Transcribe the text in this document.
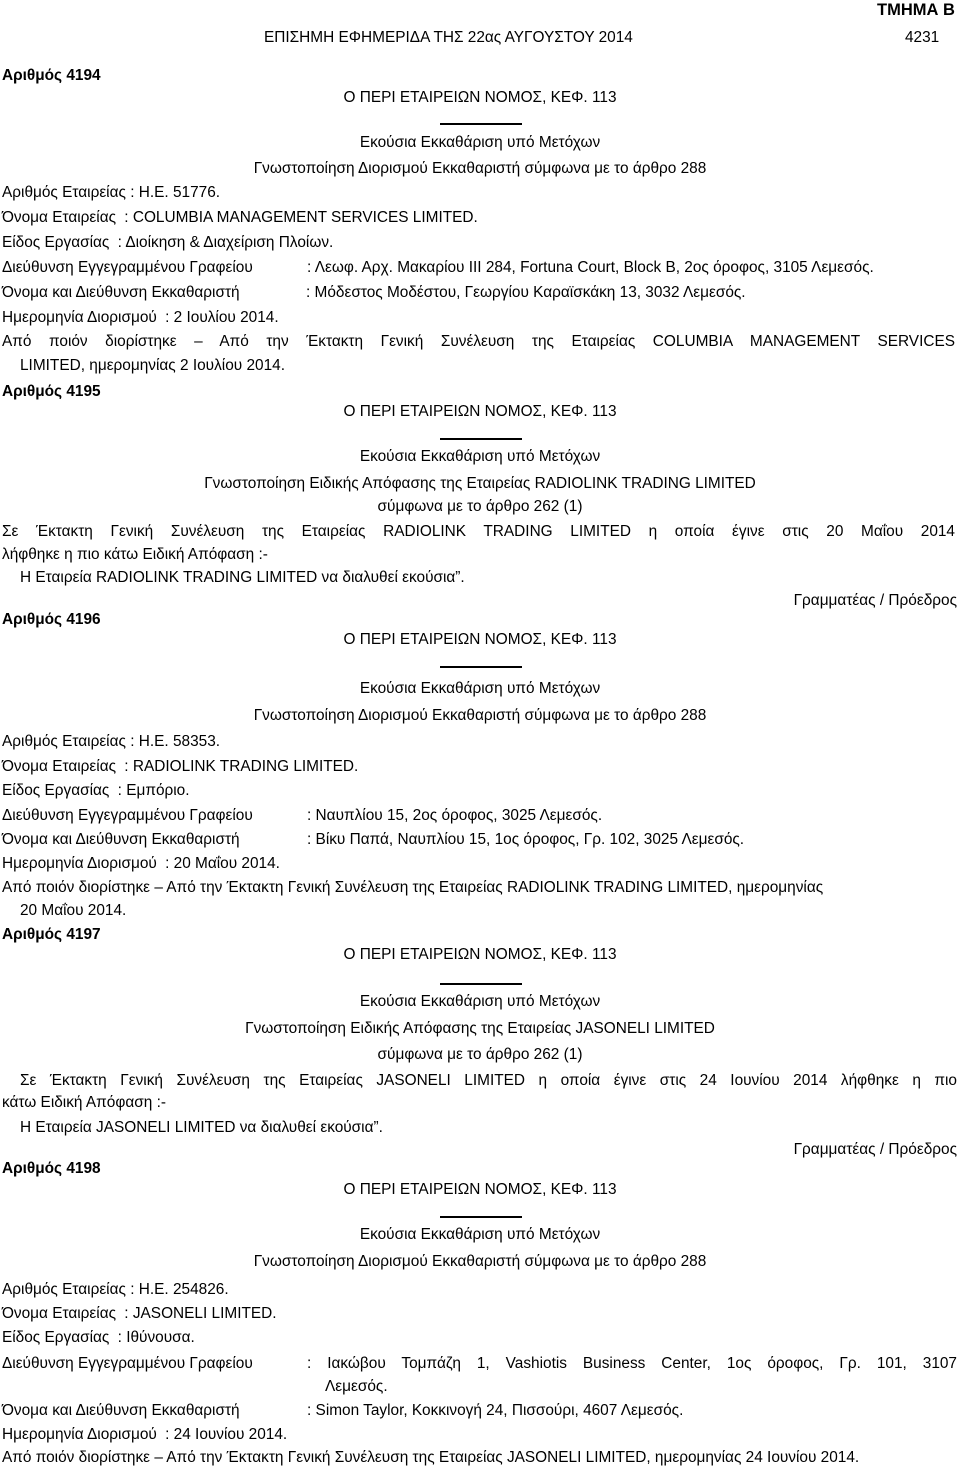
ΤΜΗΜΑ Β
ΕΠΙΣΗΜΗ ΕΦΗΜΕΡΙΔΑ ΤΗΣ 22ας ΑΥΓΟΥΣΤΟΥ 2014	4231
Αριθμός 4194
Ο ΠΕΡΙ ΕΤΑΙΡΕΙΩΝ ΝΟΜΟΣ, ΚΕΦ. 113
Εκούσια Εκκαθάριση υπό Μετόχων
Γνωστοποίηση Διορισμού Εκκαθαριστή σύμφωνα με το άρθρο 288
Αριθμός Εταιρείας : Η.Ε. 51776.
Όνομα Εταιρείας : COLUMBIA MANAGEMENT SERVICES LIMITED.
Είδος Εργασίας : Διοίκηση & Διαχείριση Πλοίων.
Διεύθυνση Εγγεγραμμένου Γραφείου	: Λεωφ. Αρχ. Μακαρίου ΙΙΙ 284, Fortuna Court, Block B, 2ος όροφος, 3105 Λεμεσός.
Όνομα και Διεύθυνση Εκκαθαριστή	: Μόδεστος Μοδέστου, Γεωργίου Καραϊσκάκη 13, 3032 Λεμεσός.
Ημερομηνία Διορισμού : 2 Ιουλίου 2014.
Από ποιόν διορίστηκε – Από την Έκτακτη Γενική Συνέλευση της Εταιρείας COLUMBIA MANAGEMENT SERVICES
LIMITED, ημερομηνίας 2 Ιουλίου 2014.
Αριθμός 4195
Ο ΠΕΡΙ ΕΤΑΙΡΕΙΩΝ ΝΟΜΟΣ, ΚΕΦ. 113
Εκούσια Εκκαθάριση υπό Μετόχων
Γνωστοποίηση Ειδικής Απόφασης της Εταιρείας RADIOLINK TRADING LIMITED
σύμφωνα με το άρθρο 262 (1)
Σε Έκτακτη Γενική Συνέλευση της Εταιρείας RADIOLINK TRADING LIMITED η οποία έγινε στις 20 Μαΐου 2014
λήφθηκε η πιο κάτω Ειδική Απόφαση :-
Η Εταιρεία RADIOLINK TRADING LIMITED να διαλυθεί εκούσια”.
Γραμματέας / Πρόεδρος
Αριθμός 4196
Ο ΠΕΡΙ ΕΤΑΙΡΕΙΩΝ ΝΟΜΟΣ, ΚΕΦ. 113
Εκούσια Εκκαθάριση υπό Μετόχων
Γνωστοποίηση Διορισμού Εκκαθαριστή σύμφωνα με το άρθρο 288
Αριθμός Εταιρείας : Η.Ε. 58353.
Όνομα Εταιρείας : RADIOLINK TRADING LIMITED.
Είδος Εργασίας : Εμπόριο.
Διεύθυνση Εγγεγραμμένου Γραφείου	: Ναυπλίου 15, 2ος όροφος, 3025 Λεμεσός.
Όνομα και Διεύθυνση Εκκαθαριστή	: Βίκυ Παπά, Ναυπλίου 15, 1ος όροφος, Γρ. 102, 3025 Λεμεσός.
Ημερομηνία Διορισμού : 20 Μαΐου 2014.
Από ποιόν διορίστηκε – Από την Έκτακτη Γενική Συνέλευση της Εταιρείας RADIOLINK TRADING LIMITED, ημερομηνίας
20 Μαΐου 2014.
Αριθμός 4197
Ο ΠΕΡΙ ΕΤΑΙΡΕΙΩΝ ΝΟΜΟΣ, ΚΕΦ. 113
Εκούσια Εκκαθάριση υπό Μετόχων
Γνωστοποίηση Ειδικής Απόφασης της Εταιρείας JASONELI LIMITED
σύμφωνα με το άρθρο 262 (1)
Σε Έκτακτη Γενική Συνέλευση της Εταιρείας JASONELI LIMITED η οποία έγινε στις 24 Ιουνίου 2014 λήφθηκε η πιο
κάτω Ειδική Απόφαση :-
Η Εταιρεία JASONELI LIMITED να διαλυθεί εκούσια”.
Γραμματέας / Πρόεδρος
Αριθμός 4198
Ο ΠΕΡΙ ΕΤΑΙΡΕΙΩΝ ΝΟΜΟΣ, ΚΕΦ. 113
Εκούσια Εκκαθάριση υπό Μετόχων
Γνωστοποίηση Διορισμού Εκκαθαριστή σύμφωνα με το άρθρο 288
Αριθμός Εταιρείας : Η.Ε. 254826.
Όνομα Εταιρείας : JASONELI LIMITED.
Είδος Εργασίας : Ιθύνουσα.
Διεύθυνση Εγγεγραμμένου Γραφείου	: Ιακώβου Τομπάζη 1, Vashiotis Business Center, 1ος όροφος, Γρ. 101, 3107
Λεμεσός.
Όνομα και Διεύθυνση Εκκαθαριστή	: Simon Taylor, Κοκκινογή 24, Πισσούρι, 4607 Λεμεσός.
Ημερομηνία Διορισμού : 24 Ιουνίου 2014.
Από ποιόν διορίστηκε – Από την Έκτακτη Γενική Συνέλευση της Εταιρείας JASONELI LIMITED, ημερομηνίας 24 Ιουνίου 2014.
